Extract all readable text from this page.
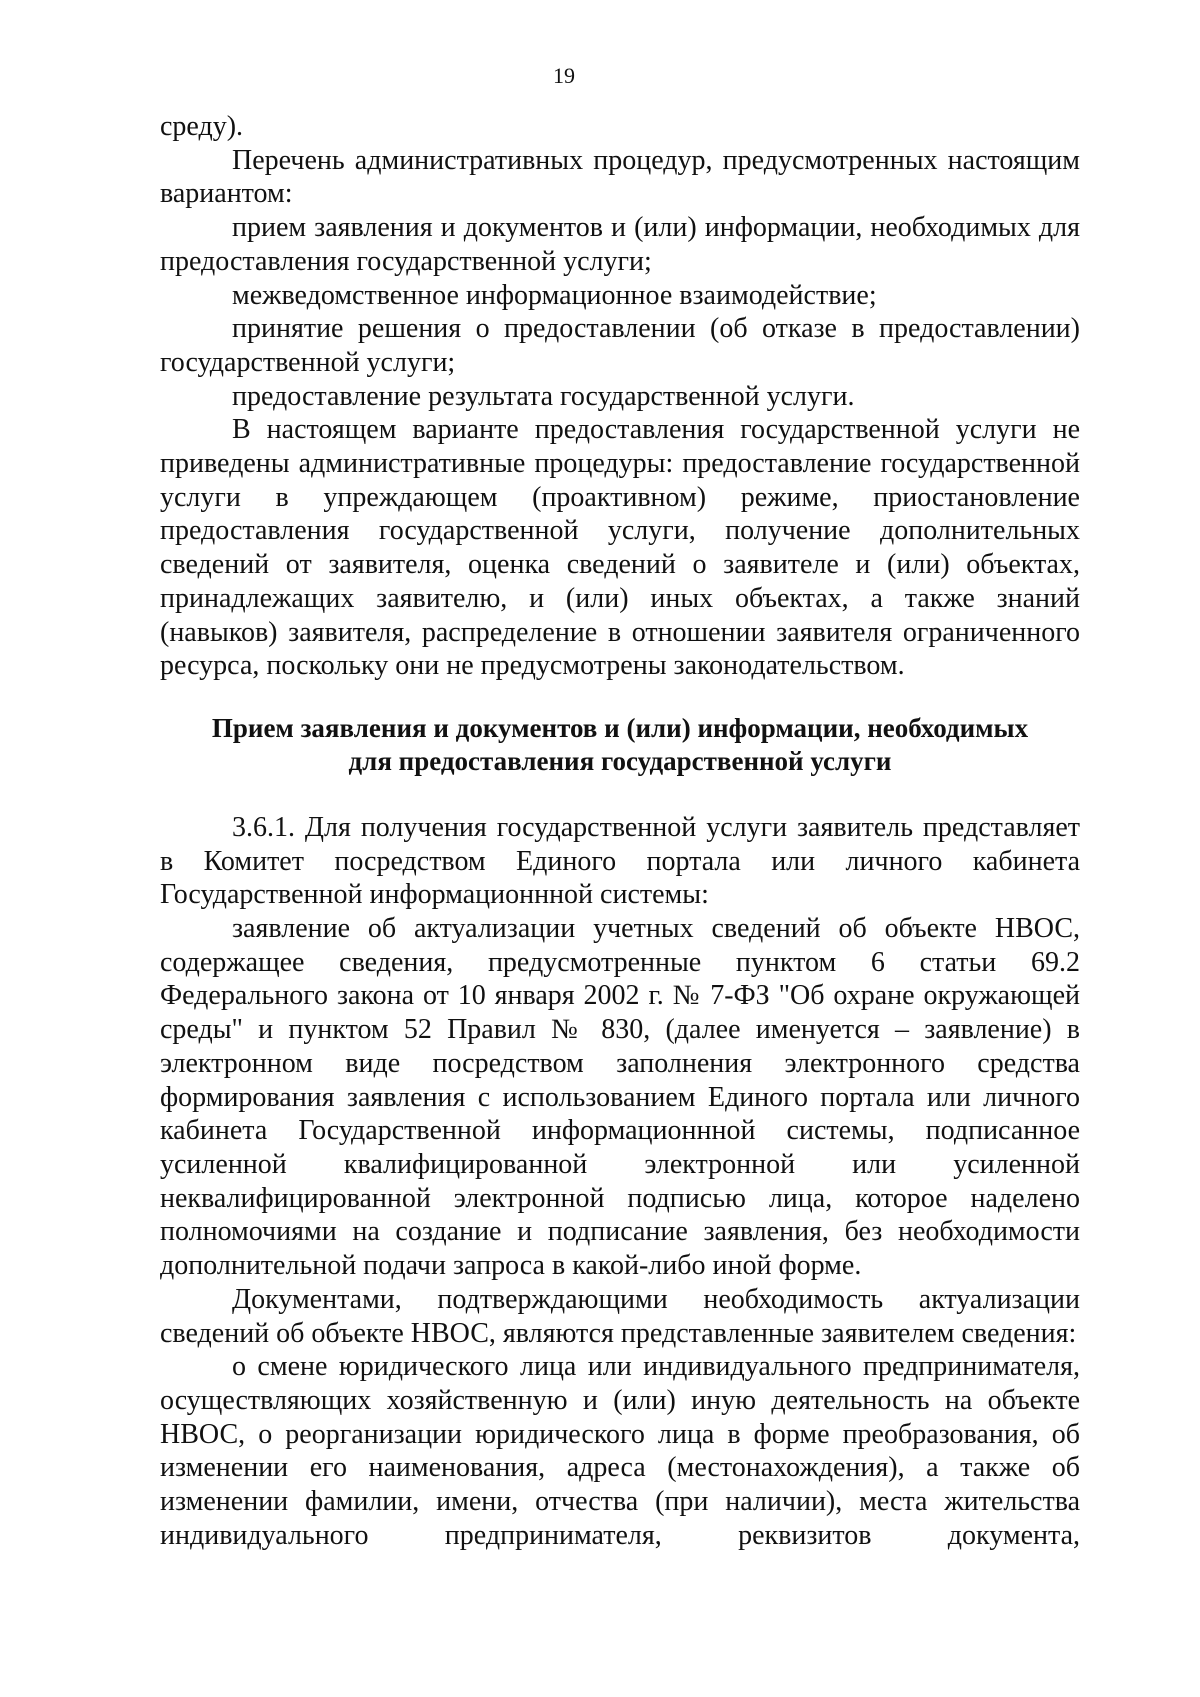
19

среду).

Перечень административных процедур, предусмотренных настоящим вариантом:

прием заявления и документов и (или) информации, необходимых для предоставления государственной услуги;

межведомственное информационное взаимодействие;

принятие решения о предоставлении (об отказе в предоставлении) государственной услуги;

предоставление результата государственной услуги.

В настоящем варианте предоставления государственной услуги не приведены административные процедуры: предоставление государственной услуги в упреждающем (проактивном) режиме, приостановление предоставления государственной услуги, получение дополнительных сведений от заявителя, оценка сведений о заявителе и (или) объектах, принадлежащих заявителю, и (или) иных объектах, а также знаний (навыков) заявителя, распределение в отношении заявителя ограниченного ресурса, поскольку они не предусмотрены законодательством.

Прием заявления и документов и (или) информации, необходимых
для предоставления государственной услуги

3.6.1. Для получения государственной услуги заявитель представляет в Комитет посредством Единого портала или личного кабинета Государственной информационнной системы:

заявление об актуализации учетных сведений об объекте НВОС, содержащее сведения, предусмотренные пунктом 6 статьи 69.2 Федерального закона от 10 января 2002 г. № 7-ФЗ "Об охране окружающей среды" и пунктом 52 Правил № 830, (далее именуется – заявление) в электронном виде посредством заполнения электронного средства формирования заявления с использованием Единого портала или личного кабинета Государственной информационнной системы, подписанное усиленной квалифицированной электронной или усиленной неквалифицированной электронной подписью лица, которое наделено полномочиями на создание и подписание заявления, без необходимости дополнительной подачи запроса в какой-либо иной форме.

Документами, подтверждающими необходимость актуализации сведений об объекте НВОС, являются представленные заявителем сведения:

о смене юридического лица или индивидуального предпринимателя, осуществляющих хозяйственную и (или) иную деятельность на объекте НВОС, о реорганизации юридического лица в форме преобразования, об изменении его наименования, адреса (местонахождения), а также об изменении фамилии, имени, отчества (при наличии), места жительства индивидуального предпринимателя, реквизитов документа,
